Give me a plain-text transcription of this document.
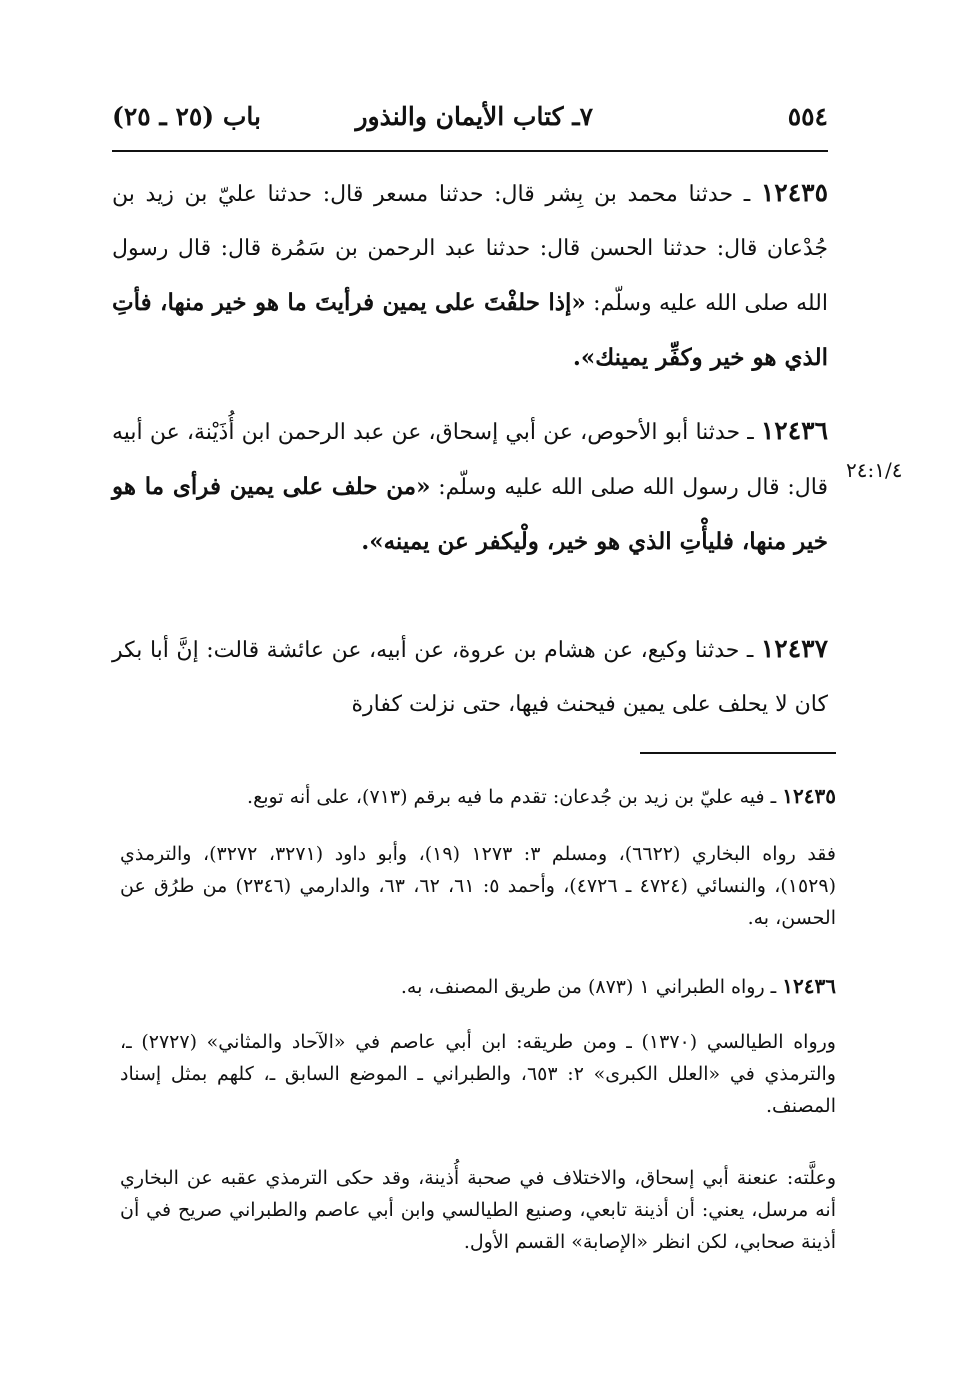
٥٥٤
٧ـ كتاب الأيمان والنذور
باب (٢٥ ـ ٢٥)

١٢٤٣٥ ـ حدثنا محمد بن بِشر قال: حدثنا مسعر قال: حدثنا عليّ بن زيد بن جُدْعان قال: حدثنا الحسن قال: حدثنا عبد الرحمن بن سَمُرة قال: قال رسول الله صلى الله عليه وسلّم: «إذا حلفْتَ على يمين فرأيتَ ما هو خير منها، فأتِ الذي هو خير وكفِّر يمينك».

١٢٤٣٦ ـ حدثنا أبو الأحوص، عن أبي إسحاق، عن عبد الرحمن ابن أُذَيْنة، عن أبيه قال: قال رسول الله صلى الله عليه وسلّم: «من حلف على يمين فرأى ما هو خير منها، فليأْتِ الذي هو خير، ولْيكفر عن يمينه».

٢٤:١/٤

١٢٤٣٧ ـ حدثنا وكيع، عن هشام بن عروة، عن أبيه، عن عائشة قالت: إنَّ أبا بكر كان لا يحلف على يمين فيحنث فيها، حتى نزلت كفارة

١٢٤٣٥ ـ فيه عليّ بن زيد بن جُدعان: تقدم ما فيه برقم (٧١٣)، على أنه توبع.

فقد رواه البخاري (٦٦٢٢)، ومسلم ٣: ١٢٧٣ (١٩)، وأبو داود (٣٢٧١، ٣٢٧٢)، والترمذي (١٥٢٩)، والنسائي (٤٧٢٤ ـ ٤٧٢٦)، وأحمد ٥: ٦١، ٦٢، ٦٣، والدارمي (٢٣٤٦) من طرُق عن الحسن، به.

١٢٤٣٦ ـ رواه الطبراني ١ (٨٧٣) من طريق المصنف، به.

ورواه الطيالسي (١٣٧٠) ـ ومن طريقه: ابن أبي عاصم في «الآحاد والمثاني» (٢٧٢٧) ـ، والترمذي في «العلل الكبرى» ٢: ٦٥٣، والطبراني ـ الموضع السابق ـ، كلهم بمثل إسناد المصنف.

وعلَّته: عنعنة أبي إسحاق، والاختلاف في صحبة أُذينة، وقد حكى الترمذي عقبه عن البخاري أنه مرسل، يعني: أن أذينة تابعي، وصنيع الطيالسي وابن أبي عاصم والطبراني صريح في أن أذينة صحابي، لكن انظر «الإصابة» القسم الأول.
